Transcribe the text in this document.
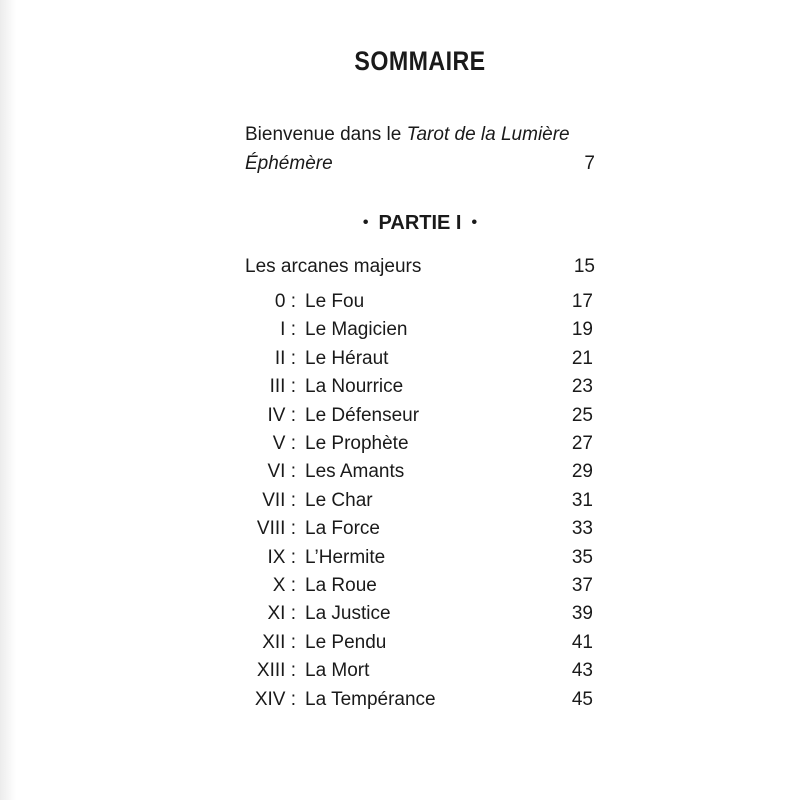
SOMMAIRE
Bienvenue dans le Tarot de la Lumière
Éphémère	7
• PARTIE I •
Les arcanes majeurs	15
0 : Le Fou	17
I : Le Magicien	19
II : Le Héraut	21
III : La Nourrice	23
IV : Le Défenseur	25
V : Le Prophète	27
VI : Les Amants	29
VII : Le Char	31
VIII : La Force	33
IX : L’Hermite	35
X : La Roue	37
XI : La Justice	39
XII : Le Pendu	41
XIII : La Mort	43
XIV : La Tempérance	45
